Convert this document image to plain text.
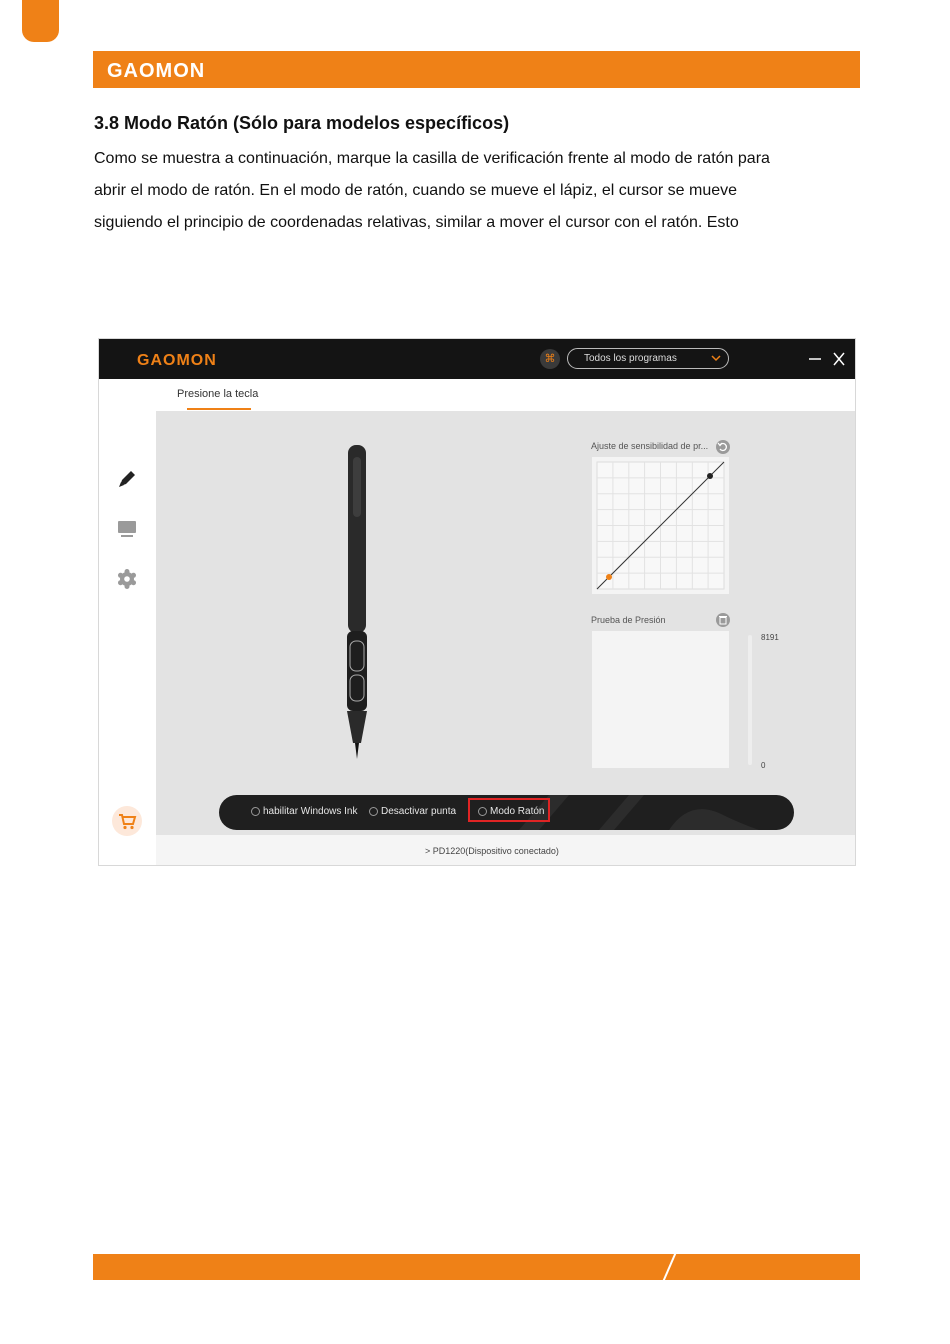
GAOMON
3.8 Modo Ratón (Sólo para modelos específicos)
Como se muestra a continuación, marque la casilla de verificación frente al modo de ratón para
abrir el modo de ratón. En el modo de ratón, cuando se mueve el lápiz, el cursor se mueve
siguiendo el principio de coordenadas relativas, similar a mover el cursor con el ratón. Esto
GAOMON	⌘	Todos los programas
Presione la tecla
Ajuste de sensibilidad de pr...
Prueba de Presión
8191
0
habilitar Windows Ink Desactivar punta	Modo Ratón
> PD1220(Dispositivo conectado)
